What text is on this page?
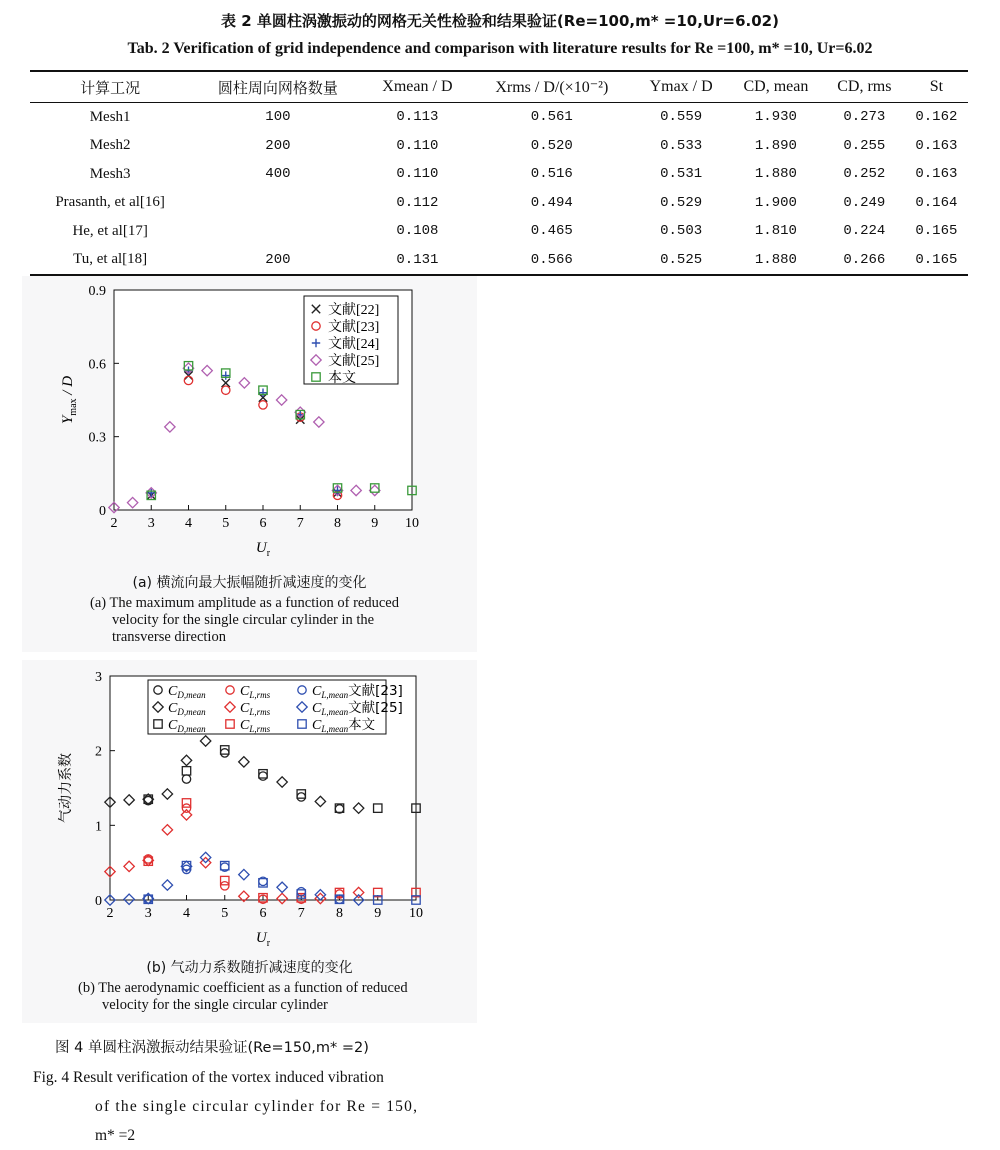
表 2 单圆柱涡激振动的网格无关性检验和结果验证(Re=100,m* =10,Ur=6.02)
Tab. 2 Verification of grid independence and comparison with literature results for Re =100, m* =10, Ur=6.02
计算工况	圆柱周向网格数量	Xmean / D	Xrms / D/(×10⁻²)	Ymax / D	CD, mean	CD, rms	St
Mesh1	100	0.113	0.561	0.559	1.930	0.273	0.162
Mesh2	200	0.110	0.520	0.533	1.890	0.255	0.163
Mesh3	400	0.110	0.516	0.531	1.880	0.252	0.163
Prasanth, et al[16]		0.112	0.494	0.529	1.900	0.249	0.164
He, et al[17]		0.108	0.465	0.503	1.810	0.224	0.165
Tu, et al[18]	200	0.131	0.566	0.525	1.880	0.266	0.165
2 3 4 5 6 7 8 9 10
0
0.3
0.6
0.9
$U_r$
$Y_{max}$ / D
文献[22]
文献[23]
文献[24]
文献[25]
本文
(a) 横流向最大振幅随折减速度的变化
(a) The maximum amplitude as a function of reduced
velocity for the single circular cylinder in the
transverse direction
2 3 4 5 6 7 8 9 10
0
1
2
3
$U_r$
气动力系数
$C_{D,mean}$ $C_{L,rms}$	$C_{L,mean}$文献[23]
$C_{D,mean}$ $C_{L,rms}$	$C_{L,mean}$文献[25]
$C_{D,mean}$ $C_{L,rms}$	$C_{L,mean}$本文
(b) 气动力系数随折减速度的变化
(b) The aerodynamic coefficient as a function of reduced
velocity for the single circular cylinder
图 4 单圆柱涡激振动结果验证(Re=150,m* =2)
Fig. 4 Result verification of the vortex induced vibration
of the single circular cylinder for Re = 150,
m* =2
